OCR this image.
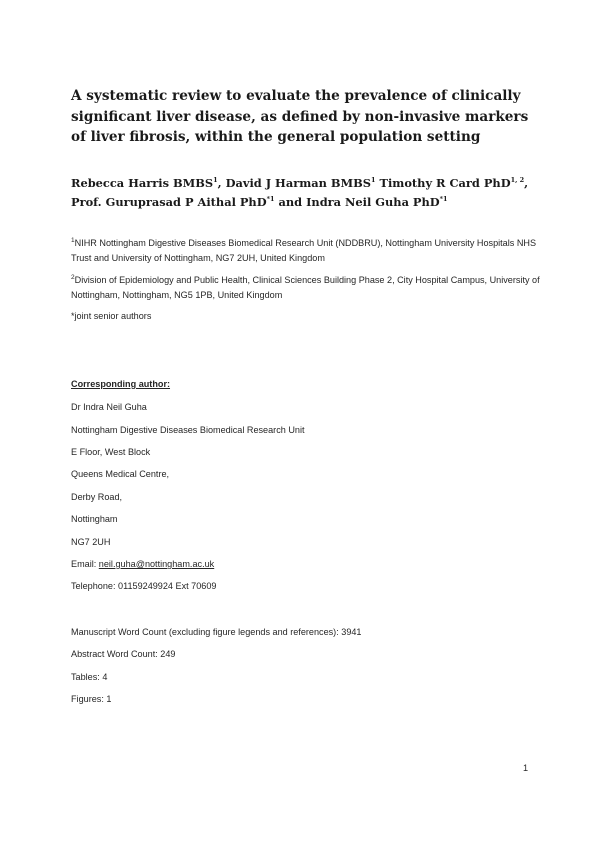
A systematic review to evaluate the prevalence of clinically significant liver disease, as defined by non-invasive markers of liver fibrosis, within the general population setting
Rebecca Harris BMBS$^1$, David J Harman BMBS$^1$ Timothy R Card PhD$^{1, 2}$, Prof. Guruprasad P Aithal PhD$^{*1}$ and Indra Neil Guha PhD$^{*1}$
$^1$NIHR Nottingham Digestive Diseases Biomedical Research Unit (NDDBRU), Nottingham University Hospitals NHS Trust and University of Nottingham, NG7 2UH, United Kingdom
$^2$Division of Epidemiology and Public Health, Clinical Sciences Building Phase 2, City Hospital Campus, University of Nottingham, Nottingham, NG5 1PB, United Kingdom
*joint senior authors
Corresponding author:
Dr Indra Neil Guha
Nottingham Digestive Diseases Biomedical Research Unit
E Floor, West Block
Queens Medical Centre,
Derby Road,
Nottingham
NG7 2UH
Email: neil.guha@nottingham.ac.uk
Telephone: 01159249924 Ext 70609
Manuscript Word Count (excluding figure legends and references): 3941
Abstract Word Count: 249
Tables: 4
Figures: 1
1
